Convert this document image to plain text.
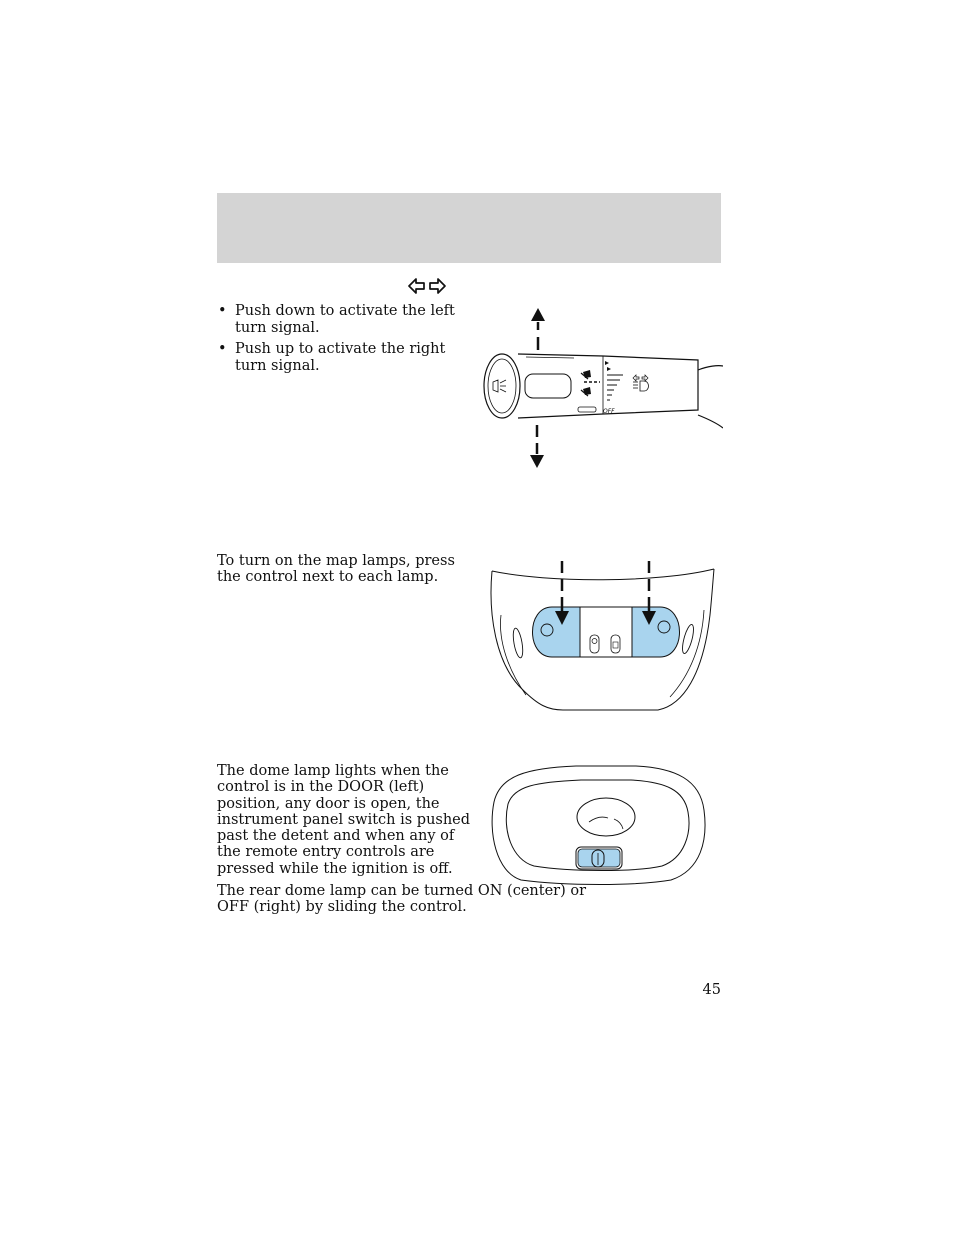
• Push down to activate the left turn signal.
• Push up to activate the right turn signal.
OFF

To turn on the map lamps, press the control next to each lamp.

The dome lamp lights when the control is in the DOOR (left) position, any door is open, the instrument panel switch is pushed past the detent and when any of the remote entry controls are pressed while the ignition is off.

The rear dome lamp can be turned ON (center) or OFF (right) by sliding the control.

45
